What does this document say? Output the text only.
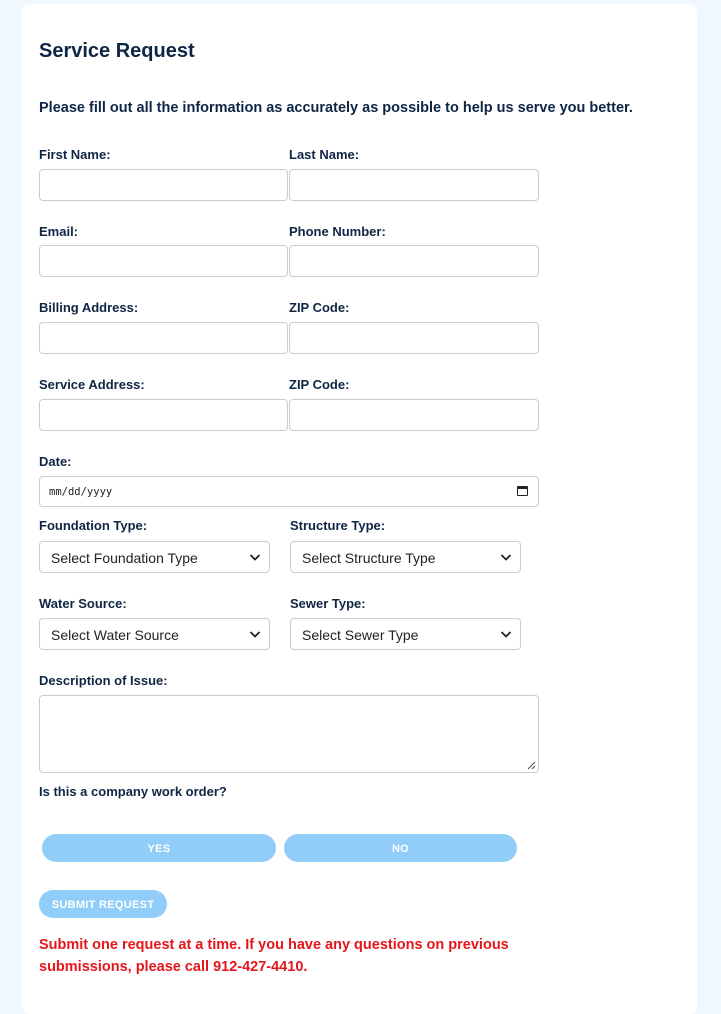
Service Request
Please fill out all the information as accurately as possible to help us serve you better.
First Name:	Last Name:
Email:	Phone Number:
Billing Address:	ZIP Code:
Service Address:	ZIP Code:
Date:
mm/dd/yyyy
Foundation Type:
Select Foundation Type
Structure Type:
Select Structure Type
Water Source:
Select Water Source
Sewer Type:
Select Sewer Type
Description of Issue:
Is this a company work order?
YES	NO
SUBMIT REQUEST
Submit one request at a time. If you have any questions on previous submissions, please call 912-427-4410.
